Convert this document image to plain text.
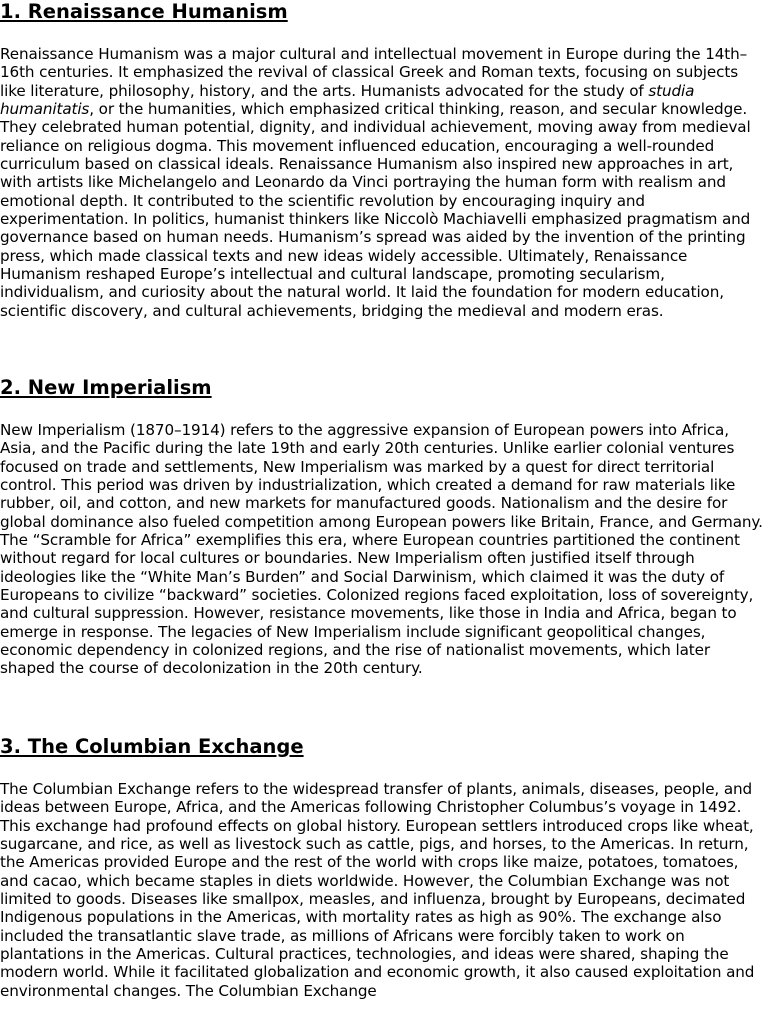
1. Renaissance Humanism

Renaissance Humanism was a major cultural and intellectual movement in Europe during the 14th–16th centuries. It emphasized the revival of classical Greek and Roman texts, focusing on subjects like literature, philosophy, history, and the arts. Humanists advocated for the study of studia humanitatis, or the humanities, which emphasized critical thinking, reason, and secular knowledge. They celebrated human potential, dignity, and individual achievement, moving away from medieval reliance on religious dogma. This movement influenced education, encouraging a well-rounded curriculum based on classical ideals. Renaissance Humanism also inspired new approaches in art, with artists like Michelangelo and Leonardo da Vinci portraying the human form with realism and emotional depth. It contributed to the scientific revolution by encouraging inquiry and experimentation. In politics, humanist thinkers like Niccolò Machiavelli emphasized pragmatism and governance based on human needs. Humanism’s spread was aided by the invention of the printing press, which made classical texts and new ideas widely accessible. Ultimately, Renaissance Humanism reshaped Europe’s intellectual and cultural landscape, promoting secularism, individualism, and curiosity about the natural world. It laid the foundation for modern education, scientific discovery, and cultural achievements, bridging the medieval and modern eras.

2. New Imperialism

New Imperialism (1870–1914) refers to the aggressive expansion of European powers into Africa, Asia, and the Pacific during the late 19th and early 20th centuries. Unlike earlier colonial ventures focused on trade and settlements, New Imperialism was marked by a quest for direct territorial control. This period was driven by industrialization, which created a demand for raw materials like rubber, oil, and cotton, and new markets for manufactured goods. Nationalism and the desire for global dominance also fueled competition among European powers like Britain, France, and Germany. The “Scramble for Africa” exemplifies this era, where European countries partitioned the continent without regard for local cultures or boundaries. New Imperialism often justified itself through ideologies like the “White Man’s Burden” and Social Darwinism, which claimed it was the duty of Europeans to civilize “backward” societies. Colonized regions faced exploitation, loss of sovereignty, and cultural suppression. However, resistance movements, like those in India and Africa, began to emerge in response. The legacies of New Imperialism include significant geopolitical changes, economic dependency in colonized regions, and the rise of nationalist movements, which later shaped the course of decolonization in the 20th century.

3. The Columbian Exchange

The Columbian Exchange refers to the widespread transfer of plants, animals, diseases, people, and ideas between Europe, Africa, and the Americas following Christopher Columbus’s voyage in 1492. This exchange had profound effects on global history. European settlers introduced crops like wheat, sugarcane, and rice, as well as livestock such as cattle, pigs, and horses, to the Americas. In return, the Americas provided Europe and the rest of the world with crops like maize, potatoes, tomatoes, and cacao, which became staples in diets worldwide. However, the Columbian Exchange was not limited to goods. Diseases like smallpox, measles, and influenza, brought by Europeans, decimated Indigenous populations in the Americas, with mortality rates as high as 90%. The exchange also included the transatlantic slave trade, as millions of Africans were forcibly taken to work on plantations in the Americas. Cultural practices, technologies, and ideas were shared, shaping the modern world. While it facilitated globalization and economic growth, it also caused exploitation and environmental changes. The Columbian Exchange
